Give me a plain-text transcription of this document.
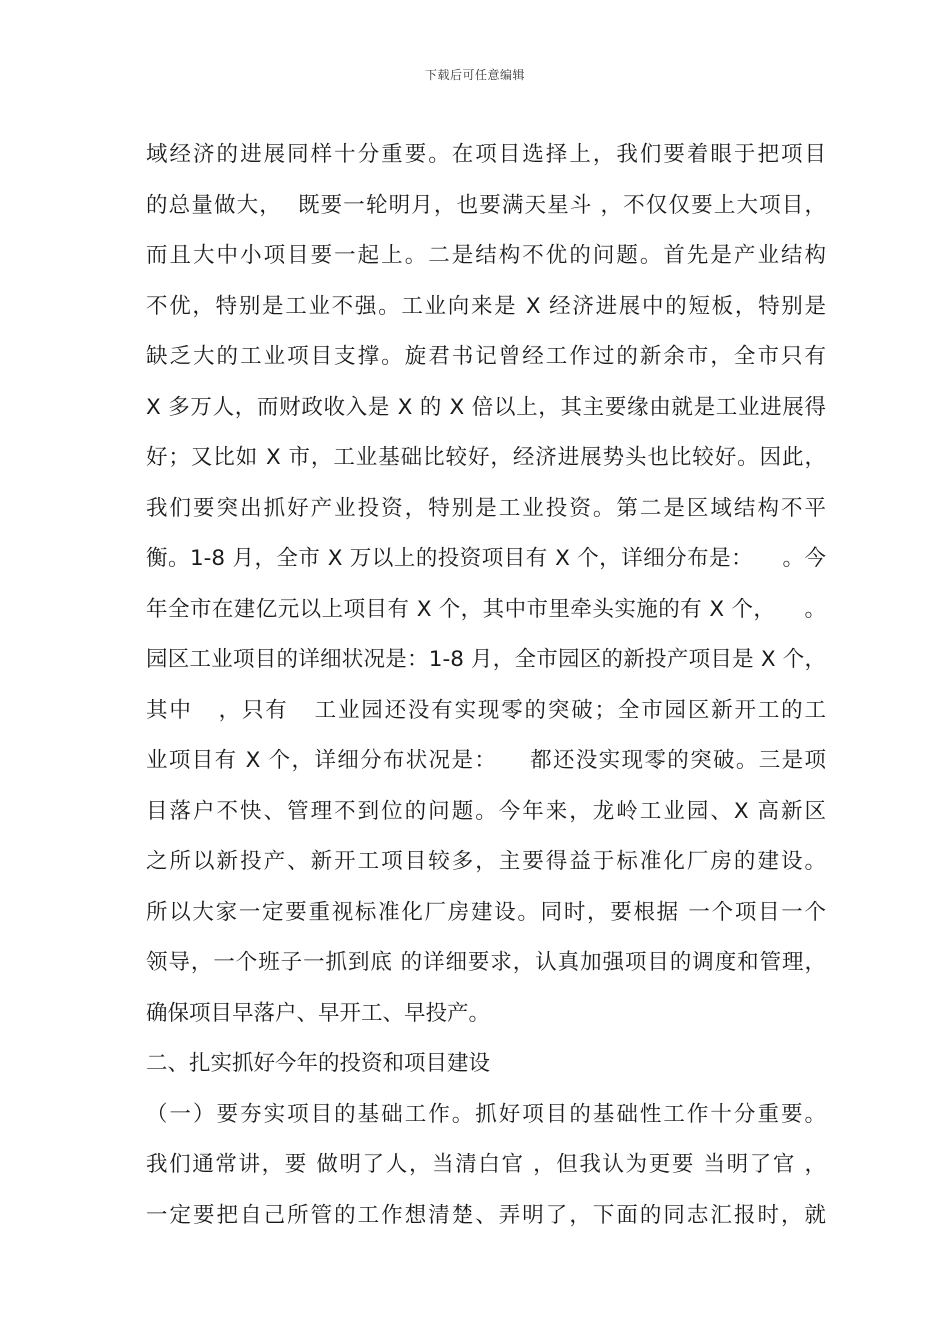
下载后可任意编辑
域经济的进展同样十分重要。在项目选择上，我们要着眼于把项目
的总量做大，  既要一轮明月，也要满天星斗 ，不仅仅要上大项目，
而且大中小项目要一起上。二是结构不优的问题。首先是产业结构
不优，特别是工业不强。工业向来是 X 经济进展中的短板，特别是
缺乏大的工业项目支撑。旋君书记曾经工作过的新余市，全市只有
X 多万人，而财政收入是 X 的 X 倍以上，其主要缘由就是工业进展得
好；又比如 X 市，工业基础比较好，经济进展势头也比较好。因此，
我们要突出抓好产业投资，特别是工业投资。第二是区域结构不平
衡。1-8 月，全市 X 万以上的投资项目有 X 个，详细分布是：    。今
年全市在建亿元以上项目有 X 个，其中市里牵头实施的有 X 个，    。
园区工业项目的详细状况是：1-8 月，全市园区的新投产项目是 X 个，
其中   ，只有   工业园还没有实现零的突破；全市园区新开工的工
业项目有 X 个，详细分布状况是：    都还没实现零的突破。三是项
目落户不快、管理不到位的问题。今年来，龙岭工业园、X 高新区
之所以新投产、新开工项目较多，主要得益于标准化厂房的建设。
所以大家一定要重视标准化厂房建设。同时，要根据 一个项目一个
领导，一个班子一抓到底 的详细要求，认真加强项目的调度和管理，
确保项目早落户、早开工、早投产。
二、扎实抓好今年的投资和项目建设
（一）要夯实项目的基础工作。抓好项目的基础性工作十分重要。
我们通常讲，要 做明了人，当清白官 ，但我认为更要 当明了官 ，
一定要把自己所管的工作想清楚、弄明了，下面的同志汇报时，就
